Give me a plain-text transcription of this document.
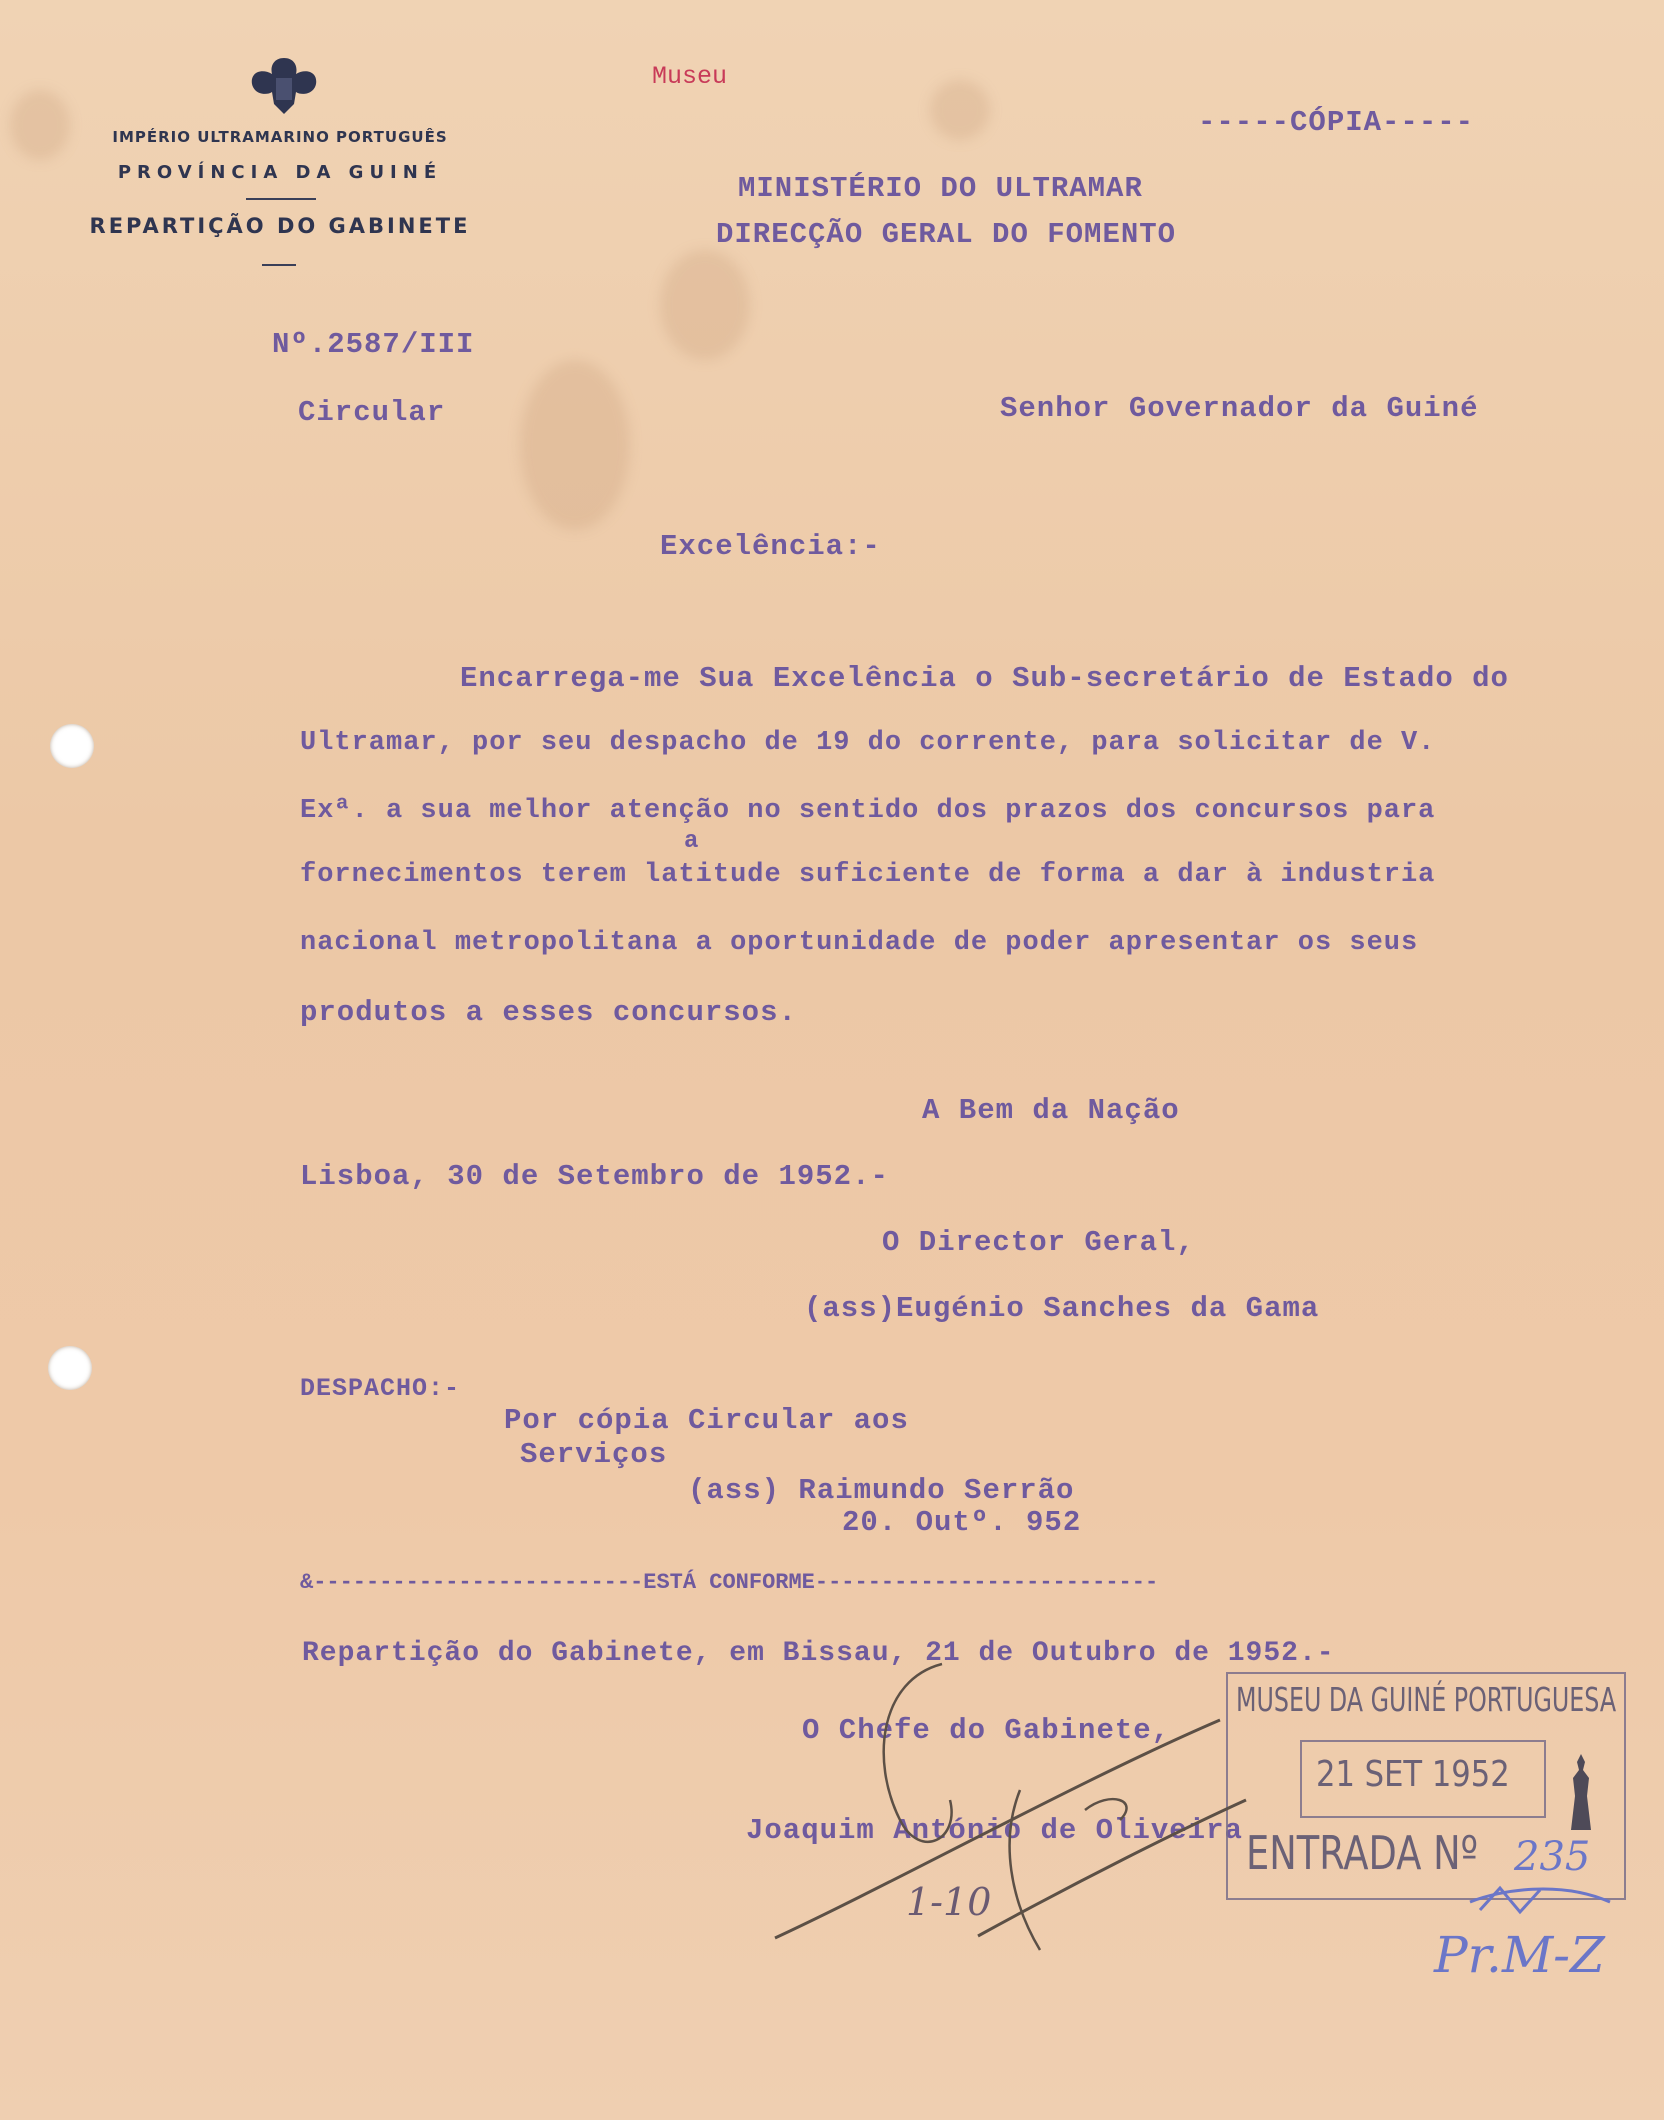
IMPÉRIO ULTRAMARINO PORTUGUÊS
PROVÍNCIA DA GUINÉ
REPARTIÇÃO DO GABINETE
Museu
-----CÓPIA-----
MINISTÉRIO DO ULTRAMAR
DIRECÇÃO GERAL DO FOMENTO
Nº.2587/III
Circular	Senhor Governador da Guiné
Excelência:-
Encarrega-me Sua Excelência o Sub-secretário de Estado do
Ultramar, por seu despacho de 19 do corrente, para solicitar de V.
Exª. a sua melhor atenção no sentido dos prazos dos concursos para
a
fornecimentos terem latitude suficiente de forma a dar à industria
nacional metropolitana a oportunidade de poder apresentar os seus
produtos a esses concursos.
A Bem da Nação
Lisboa, 30 de Setembro de 1952.-
O Director Geral,
(ass)Eugénio Sanches da Gama
DESPACHO:-
Por cópia Circular aos
Serviços
(ass) Raimundo Serrão
20. Outº. 952
&-------------------------ESTÁ CONFORME--------------------------
Repartição do Gabinete, em Bissau, 21 de Outubro de 1952.-
O Chefe do Gabinete,
Joaquim António de Oliveira
MUSEU DA GUINÉ PORTUGUESA
21 SET 1952
ENTRADA Nº 235
Pr.M-Z
1-10
